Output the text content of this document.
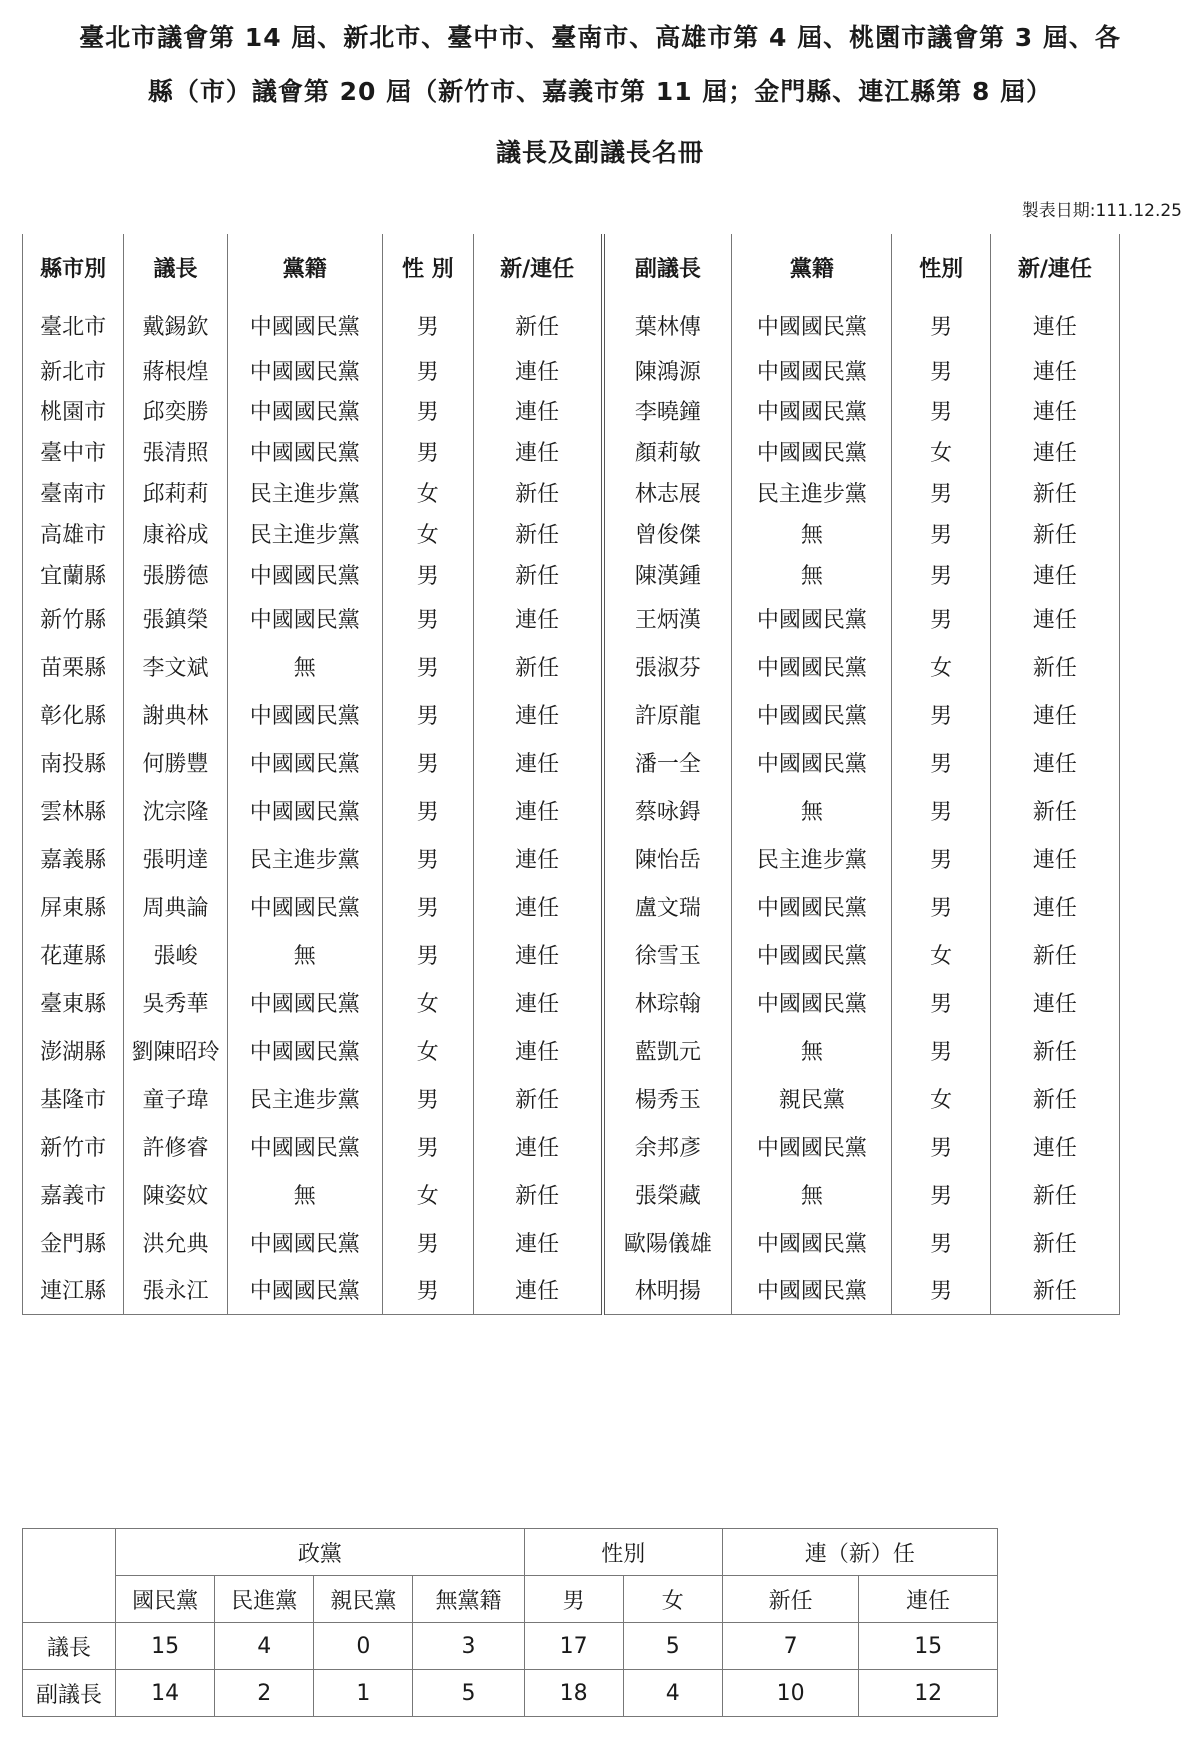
臺北市議會第 14 屆、新北市、臺中市、臺南市、高雄市第 4 屆、桃園市議會第 3 屆、各
縣（市）議會第 20 屆（新竹市、嘉義市第 11 屆；金門縣、連江縣第 8 屆）
議長及副議長名冊
製表日期:111.12.25
縣市別	議長	黨籍	性 別	新/連任	副議長	黨籍	性別	新/連任
臺北市	戴錫欽	中國國民黨	男	新任	葉林傳	中國國民黨	男	連任
新北市	蔣根煌	中國國民黨	男	連任	陳鴻源	中國國民黨	男	連任
桃園市	邱奕勝	中國國民黨	男	連任	李曉鐘	中國國民黨	男	連任
臺中市	張清照	中國國民黨	男	連任	顏莉敏	中國國民黨	女	連任
臺南市	邱莉莉	民主進步黨	女	新任	林志展	民主進步黨	男	新任
高雄市	康裕成	民主進步黨	女	新任	曾俊傑	無	男	新任
宜蘭縣	張勝德	中國國民黨	男	新任	陳漢鍾	無	男	連任
新竹縣	張鎮榮	中國國民黨	男	連任	王炳漢	中國國民黨	男	連任
苗栗縣	李文斌	無	男	新任	張淑芬	中國國民黨	女	新任
彰化縣	謝典林	中國國民黨	男	連任	許原龍	中國國民黨	男	連任
南投縣	何勝豐	中國國民黨	男	連任	潘一全	中國國民黨	男	連任
雲林縣	沈宗隆	中國國民黨	男	連任	蔡咏鍀	無	男	新任
嘉義縣	張明達	民主進步黨	男	連任	陳怡岳	民主進步黨	男	連任
屏東縣	周典論	中國國民黨	男	連任	盧文瑞	中國國民黨	男	連任
花蓮縣	張峻	無	男	連任	徐雪玉	中國國民黨	女	新任
臺東縣	吳秀華	中國國民黨	女	連任	林琮翰	中國國民黨	男	連任
澎湖縣	劉陳昭玲	中國國民黨	女	連任	藍凱元	無	男	新任
基隆市	童子瑋	民主進步黨	男	新任	楊秀玉	親民黨	女	新任
新竹市	許修睿	中國國民黨	男	連任	余邦彥	中國國民黨	男	連任
嘉義市	陳姿妏	無	女	新任	張榮藏	無	男	新任
金門縣	洪允典	中國國民黨	男	連任	歐陽儀雄	中國國民黨	男	新任
連江縣	張永江	中國國民黨	男	連任	林明揚	中國國民黨	男	新任
	政黨				性別		連（新）任	
	國民黨	民進黨	親民黨	無黨籍	男	女	新任	連任
議長	15	4	0	3	17	5	7	15
副議長	14	2	1	5	18	4	10	12
